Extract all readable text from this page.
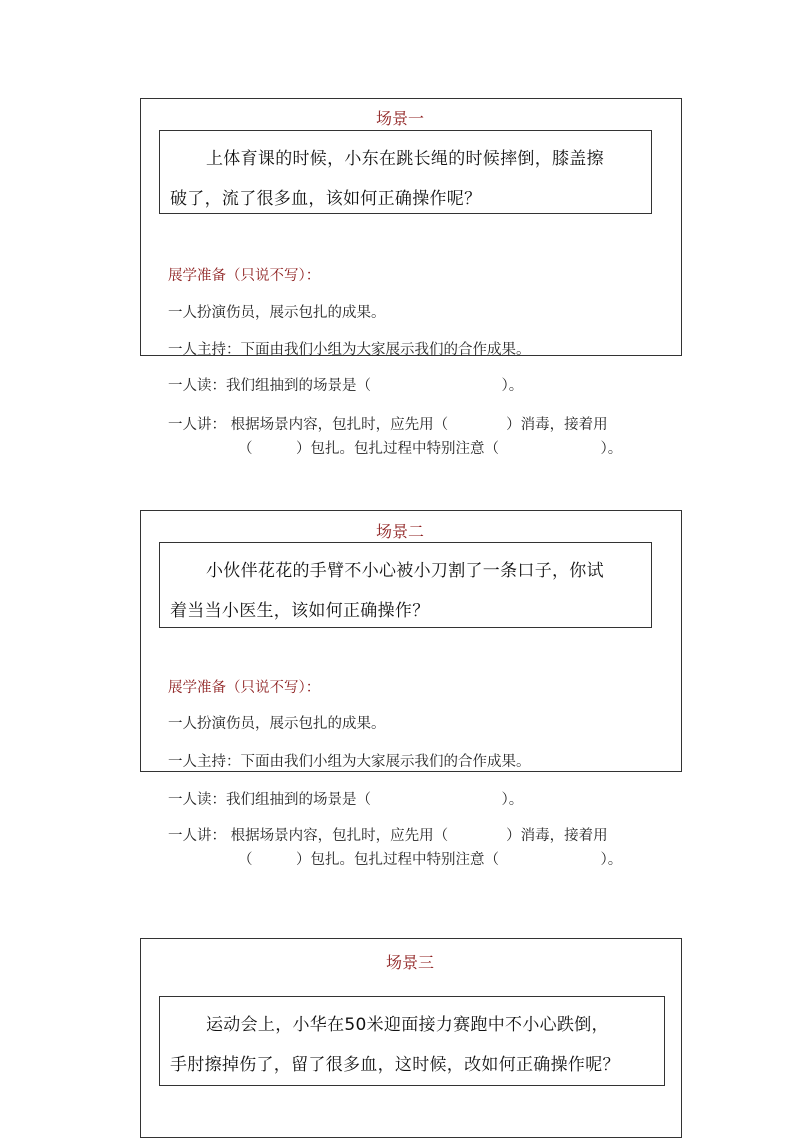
场景一
上体育课的时候，小东在跳长绳的时候摔倒，膝盖擦
破了，流了很多血，该如何正确操作呢？
展学准备（只说不写）：
一人扮演伤员，展示包扎的成果。
一人主持：下面由我们小组为大家展示我们的合作成果。
一人读：我们组抽到的场景是（　　　　　　　　　）。
一人讲： 根据场景内容，包扎时，应先用（　　　　）消毒，接着用
（　　　）包扎。包扎过程中特别注意（　　　　　　　）。
场景二
小伙伴花花的手臂不小心被小刀割了一条口子，你试
着当当小医生，该如何正确操作？
展学准备（只说不写）：
一人扮演伤员，展示包扎的成果。
一人主持：下面由我们小组为大家展示我们的合作成果。
一人读：我们组抽到的场景是（　　　　　　　　　）。
一人讲： 根据场景内容，包扎时，应先用（　　　　）消毒，接着用
（　　　）包扎。包扎过程中特别注意（　　　　　　　）。
场景三
运动会上，小华在50米迎面接力赛跑中不小心跌倒，
手肘擦掉伤了，留了很多血，这时候，改如何正确操作呢？
